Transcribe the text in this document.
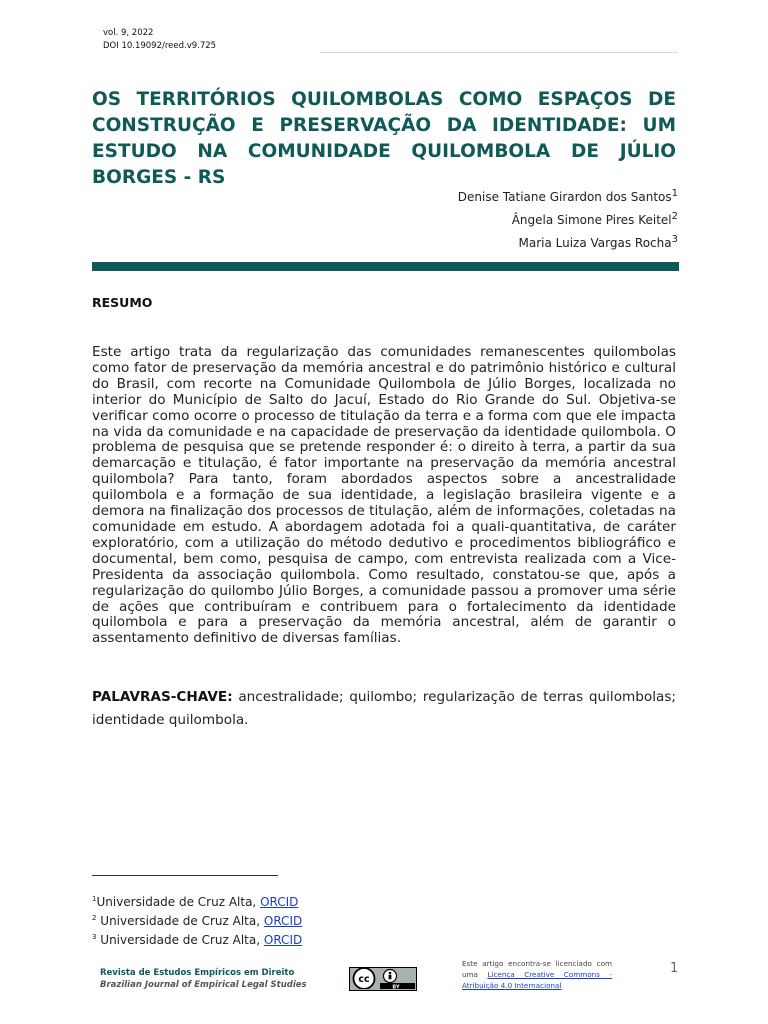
vol. 9, 2022
DOI 10.19092/reed.v9.725
OS TERRITÓRIOS QUILOMBOLAS COMO ESPAÇOS DE CONSTRUÇÃO E PRESERVAÇÃO DA IDENTIDADE: UM ESTUDO NA COMUNIDADE QUILOMBOLA DE JÚLIO BORGES - RS
Denise Tatiane Girardon dos Santos$^1$
Ângela Simone Pires Keitel$^2$
Maria Luiza Vargas Rocha$^3$
RESUMO

Este artigo trata da regularização das comunidades remanescentes quilombolas como fator de preservação da memória ancestral e do patrimônio histórico e cultural do Brasil, com recorte na Comunidade Quilombola de Júlio Borges, localizada no interior do Município de Salto do Jacuí, Estado do Rio Grande do Sul. Objetiva-se verificar como ocorre o processo de titulação da terra e a forma com que ele impacta na vida da comunidade e na capacidade de preservação da identidade quilombola. O problema de pesquisa que se pretende responder é: o direito à terra, a partir da sua demarcação e titulação, é fator importante na preservação da memória ancestral quilombola? Para tanto, foram abordados aspectos sobre a ancestralidade quilombola e a formação de sua identidade, a legislação brasileira vigente e a demora na finalização dos processos de titulação, além de informações, coletadas na comunidade em estudo. A abordagem adotada foi a quali-quantitativa, de caráter exploratório, com a utilização do método dedutivo e procedimentos bibliográfico e documental, bem como, pesquisa de campo, com entrevista realizada com a Vice-Presidenta da associação quilombola. Como resultado, constatou-se que, após a regularização do quilombo Júlio Borges, a comunidade passou a promover uma série de ações que contribuíram e contribuem para o fortalecimento da identidade quilombola e para a preservação da memória ancestral, além de garantir o assentamento definitivo de diversas famílias.

PALAVRAS-CHAVE: ancestralidade; quilombo; regularização de terras quilombolas; identidade quilombola.
$^1$Universidade de Cruz Alta, ORCID
$^2$ Universidade de Cruz Alta, ORCID
$^3$ Universidade de Cruz Alta, ORCID
Revista de Estudos Empíricos em Direito
Brazilian Journal of Empirical Legal Studies	cc
BY
Este artigo encontra-se licenciado com uma Licença Creative Commons - Atribuição 4.0 Internacional
1
